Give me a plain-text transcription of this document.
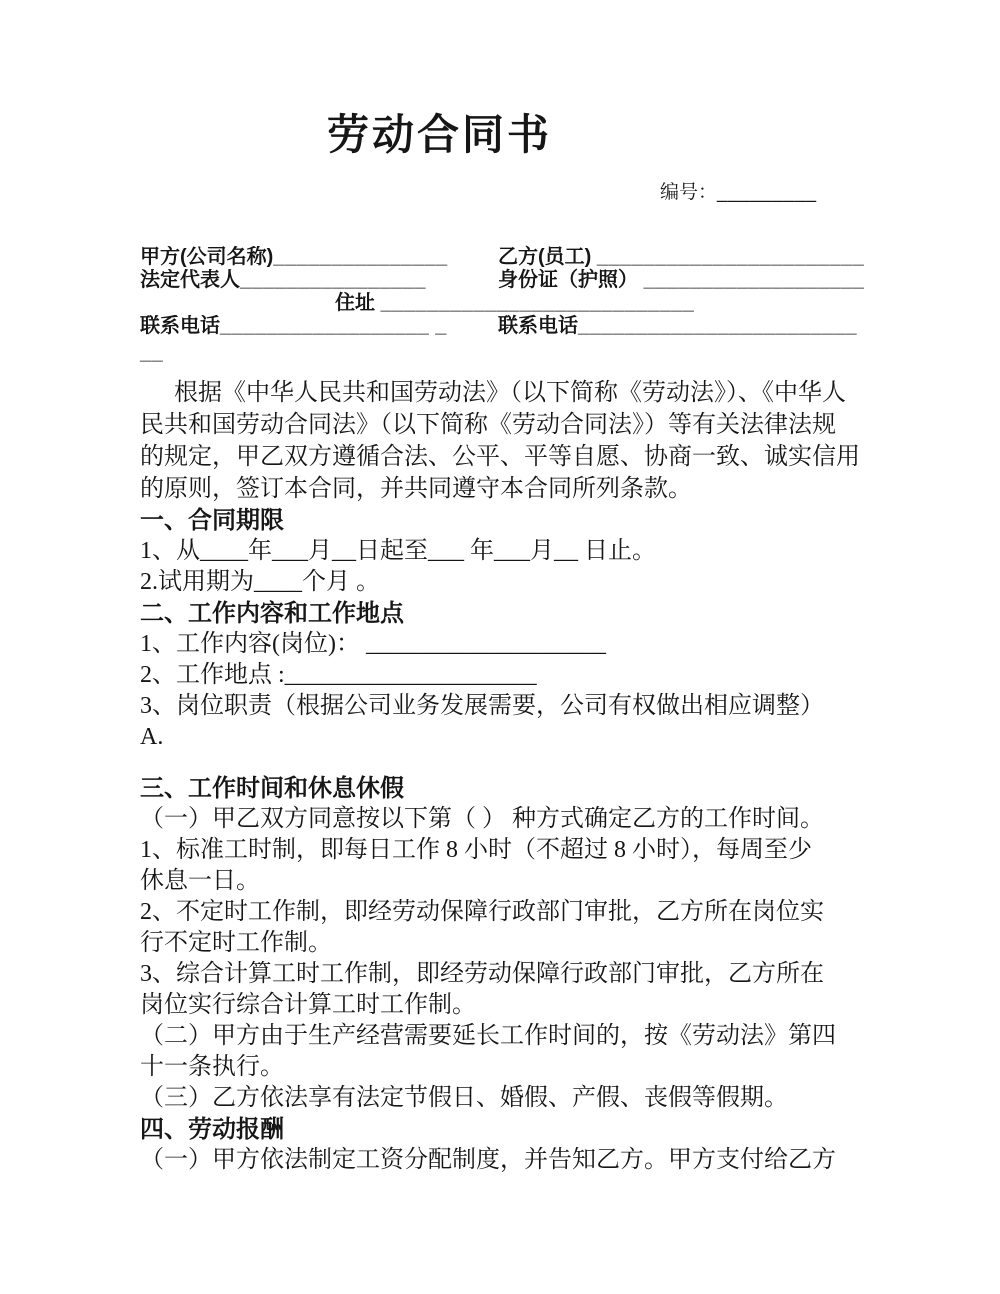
劳动合同书
编号：_________
甲方(公司名称)_______________	乙方(员工) _______________________
法定代表人________________	身份证（护照） ___________________
住址 ___________________________
联系电话__________________ _	联系电话________________________
__
根据《中华人民共和国劳动法》（以下简称《劳动法》）、《中华人
民共和国劳动合同法》（以下简称《劳动合同法》）等有关法律法规
的规定，甲乙双方遵循合法、公平、平等自愿、协商一致、诚实信用
的原则，签订本合同，并共同遵守本合同所列条款。
一、合同期限
1、从____年___月__日起至___ 年___月__ 日止。
2.试用期为____个月 。
二、工作内容和工作地点
1、工作内容(岗位)： ____________________
2、工作地点 :_____________________
3、岗位职责（根据公司业务发展需要，公司有权做出相应调整）
A.
三、工作时间和休息休假
（一）甲乙双方同意按以下第（ ） 种方式确定乙方的工作时间。
1、标准工时制，即每日工作 8 小时（不超过 8 小时），每周至少
休息一日。
2、不定时工作制，即经劳动保障行政部门审批，乙方所在岗位实
行不定时工作制。
3、综合计算工时工作制，即经劳动保障行政部门审批，乙方所在
岗位实行综合计算工时工作制。
（二）甲方由于生产经营需要延长工作时间的，按《劳动法》第四
十一条执行。
（三）乙方依法享有法定节假日、婚假、产假、丧假等假期。
四、劳动报酬
（一）甲方依法制定工资分配制度，并告知乙方。甲方支付给乙方
